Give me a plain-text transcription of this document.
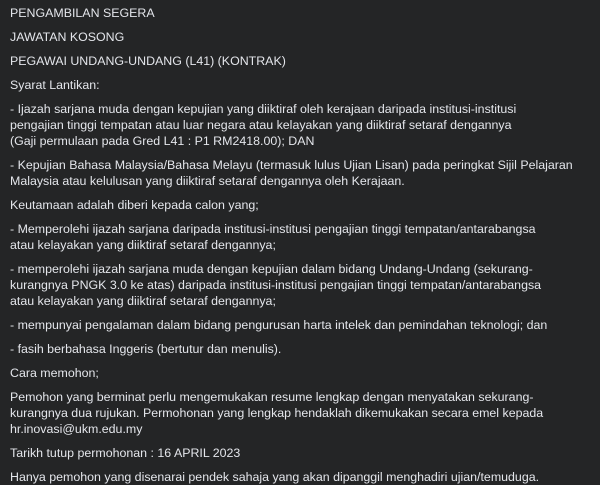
PENGAMBILAN SEGERA
JAWATAN KOSONG
PEGAWAI UNDANG-UNDANG (L41) (KONTRAK)
Syarat Lantikan:
- Ijazah sarjana muda dengan kepujian yang diiktiraf oleh kerajaan daripada institusi-institusi
pengajian tinggi tempatan atau luar negara atau kelayakan yang diiktiraf setaraf dengannya
(Gaji permulaan pada Gred L41 : P1 RM2418.00); DAN
- Kepujian Bahasa Malaysia/Bahasa Melayu (termasuk lulus Ujian Lisan) pada peringkat Sijil Pelajaran
Malaysia atau kelulusan yang diiktiraf setaraf dengannya oleh Kerajaan.
Keutamaan adalah diberi kepada calon yang;
- Memperolehi ijazah sarjana daripada institusi-institusi pengajian tinggi tempatan/antarabangsa
atau kelayakan yang diiktiraf setaraf dengannya;
- memperolehi ijazah sarjana muda dengan kepujian dalam bidang Undang-Undang (sekurang-
kurangnya PNGK 3.0 ke atas) daripada institusi-institusi pengajian tinggi tempatan/antarabangsa
atau kelayakan yang diiktiraf setaraf dengannya;
- mempunyai pengalaman dalam bidang pengurusan harta intelek dan pemindahan teknologi; dan
- fasih berbahasa Inggeris (bertutur dan menulis).
Cara memohon;
Pemohon yang berminat perlu mengemukakan resume lengkap dengan menyatakan sekurang-
kurangnya dua rujukan. Permohonan yang lengkap hendaklah dikemukakan secara emel kepada
hr.inovasi@ukm.edu.my
Tarikh tutup permohonan : 16 APRIL 2023
Hanya pemohon yang disenarai pendek sahaja yang akan dipanggil menghadiri ujian/temuduga.
